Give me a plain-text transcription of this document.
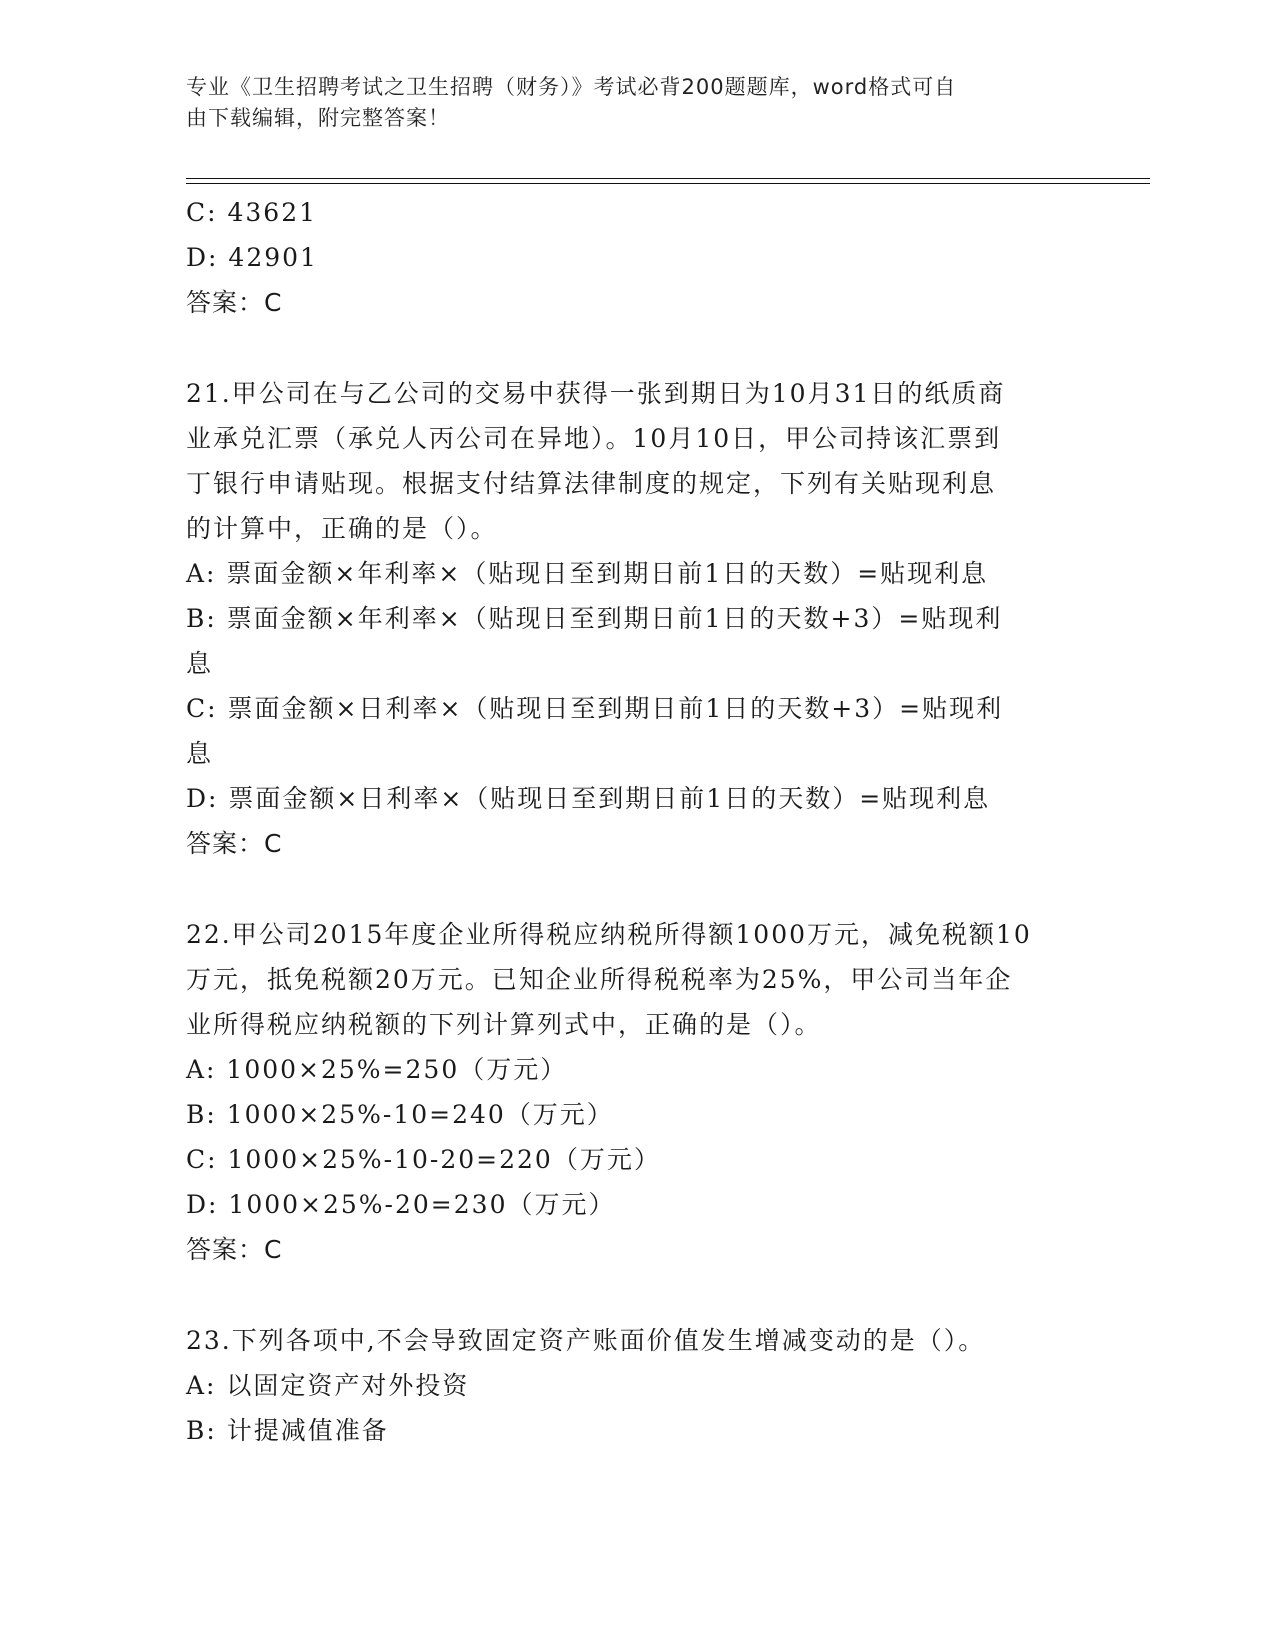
专业《卫生招聘考试之卫生招聘（财务）》考试必背200题题库，word格式可自
由下载编辑，附完整答案！
C: 43621
D: 42901
答案：C
21.甲公司在与乙公司的交易中获得一张到期日为10月31日的纸质商
业承兑汇票（承兑人丙公司在异地）。10月10日，甲公司持该汇票到
丁银行申请贴现。根据支付结算法律制度的规定，下列有关贴现利息
的计算中，正确的是（）。
A: 票面金额×年利率×（贴现日至到期日前1日的天数）=贴现利息
B: 票面金额×年利率×（贴现日至到期日前1日的天数+3）=贴现利
息
C: 票面金额×日利率×（贴现日至到期日前1日的天数+3）=贴现利
息
D: 票面金额×日利率×（贴现日至到期日前1日的天数）=贴现利息
答案：C
22.甲公司2015年度企业所得税应纳税所得额1000万元，减免税额10
万元，抵免税额20万元。已知企业所得税税率为25%，甲公司当年企
业所得税应纳税额的下列计算列式中，正确的是（）。
A: 1000×25%=250（万元）
B: 1000×25%-10=240（万元）
C: 1000×25%-10-20=220（万元）
D: 1000×25%-20=230（万元）
答案：C
23.下列各项中,不会导致固定资产账面价值发生增减变动的是（）。
A: 以固定资产对外投资
B: 计提减值准备
